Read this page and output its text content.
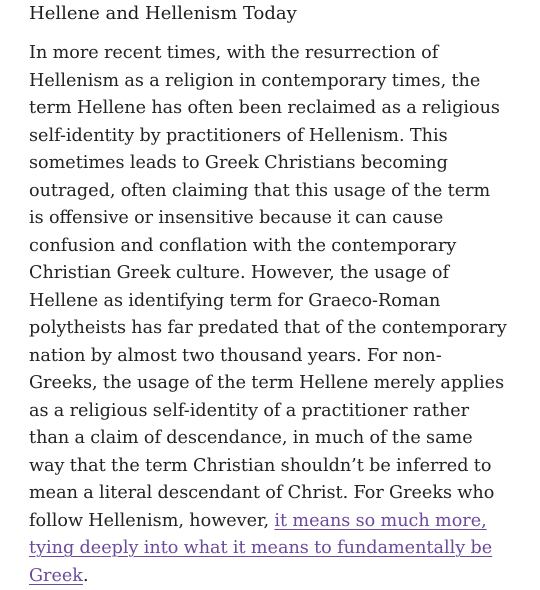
Hellene and Hellenism Today

In more recent times, with the resurrection of Hellenism as a religion in contemporary times, the term Hellene has often been reclaimed as a religious self-identity by practitioners of Hellenism. This sometimes leads to Greek Christians becoming outraged, often claiming that this usage of the term is offensive or insensitive because it can cause confusion and conflation with the contemporary Christian Greek culture. However, the usage of Hellene as identifying term for Graeco-Roman polytheists has far predated that of the contemporary nation by almost two thousand years. For non-Greeks, the usage of the term Hellene merely applies as a religious self-identity of a practitioner rather than a claim of descendance, in much of the same way that the term Christian shouldn’t be inferred to mean a literal descendant of Christ. For Greeks who follow Hellenism, however, it means so much more, tying deeply into what it means to fundamentally be Greek.
